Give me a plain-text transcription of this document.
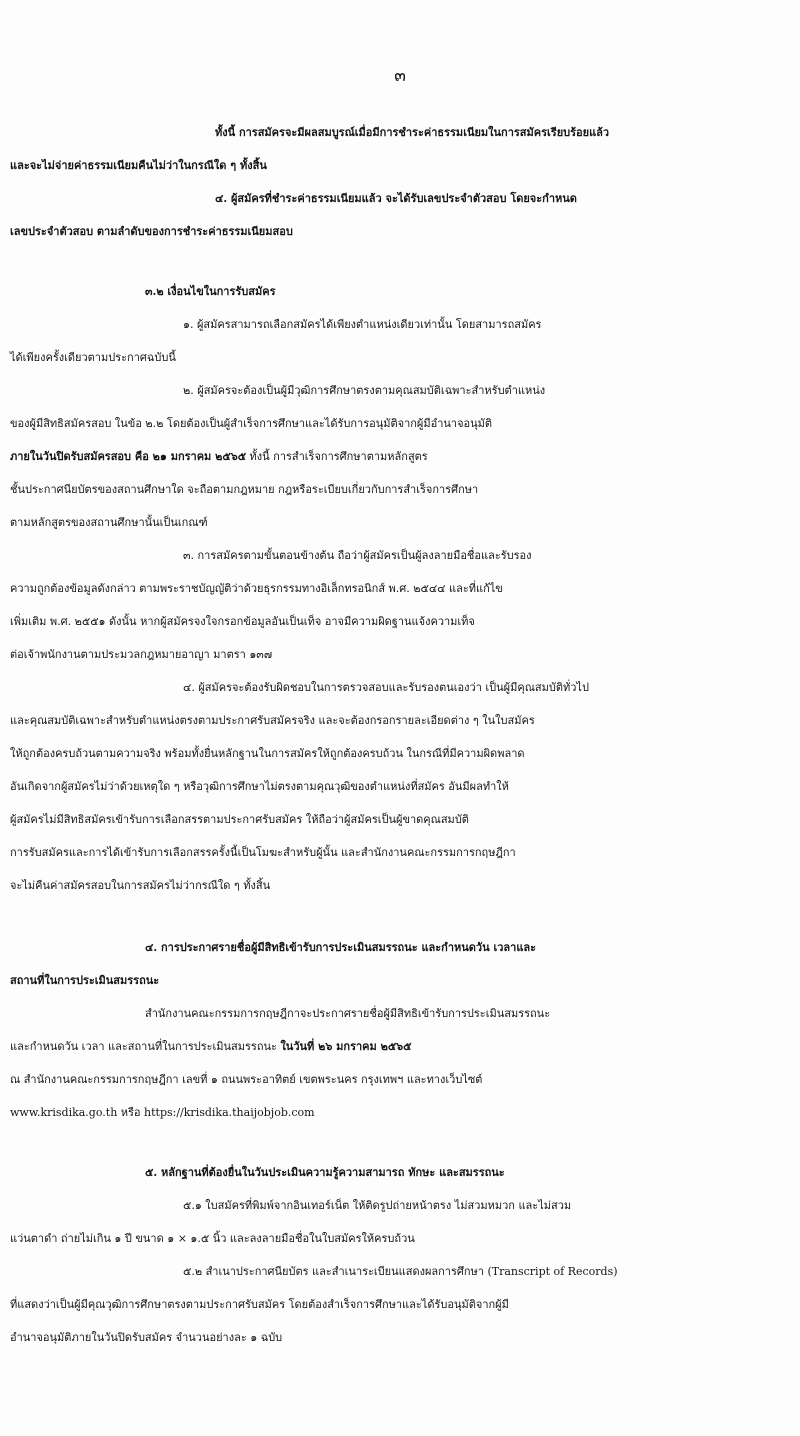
๓
ทั้งนี้ การสมัครจะมีผลสมบูรณ์เมื่อมีการชำระค่าธรรมเนียมในการสมัครเรียบร้อยแล้ว
และจะไม่จ่ายค่าธรรมเนียมคืนไม่ว่าในกรณีใด ๆ ทั้งสิ้น
๔. ผู้สมัครที่ชำระค่าธรรมเนียมแล้ว จะได้รับเลขประจำตัวสอบ โดยจะกำหนด
เลขประจำตัวสอบ ตามลำดับของการชำระค่าธรรมเนียมสอบ
๓.๒ เงื่อนไขในการรับสมัคร
๑. ผู้สมัครสามารถเลือกสมัครได้เพียงตำแหน่งเดียวเท่านั้น โดยสามารถสมัคร
ได้เพียงครั้งเดียวตามประกาศฉบับนี้
๒. ผู้สมัครจะต้องเป็นผู้มีวุฒิการศึกษาตรงตามคุณสมบัติเฉพาะสำหรับตำแหน่ง
ของผู้มีสิทธิสมัครสอบ ในข้อ ๒.๒ โดยต้องเป็นผู้สำเร็จการศึกษาและได้รับการอนุมัติจากผู้มีอำนาจอนุมัติ
ภายในวันปิดรับสมัครสอบ คือ ๒๑ มกราคม ๒๕๖๕ ทั้งนี้ การสำเร็จการศึกษาตามหลักสูตร
ชั้นประกาศนียบัตรของสถานศึกษาใด จะถือตามกฎหมาย กฎหรือระเบียบเกี่ยวกับการสำเร็จการศึกษา
ตามหลักสูตรของสถานศึกษานั้นเป็นเกณฑ์
๓. การสมัครตามขั้นตอนข้างต้น ถือว่าผู้สมัครเป็นผู้ลงลายมือชื่อและรับรอง
ความถูกต้องข้อมูลดังกล่าว ตามพระราชบัญญัติว่าด้วยธุรกรรมทางอิเล็กทรอนิกส์ พ.ศ. ๒๕๔๔ และที่แก้ไข
เพิ่มเติม พ.ศ. ๒๕๕๑ ดังนั้น หากผู้สมัครจงใจกรอกข้อมูลอันเป็นเท็จ อาจมีความผิดฐานแจ้งความเท็จ
ต่อเจ้าพนักงานตามประมวลกฎหมายอาญา มาตรา ๑๓๗
๔. ผู้สมัครจะต้องรับผิดชอบในการตรวจสอบและรับรองตนเองว่า เป็นผู้มีคุณสมบัติทั่วไป
และคุณสมบัติเฉพาะสำหรับตำแหน่งตรงตามประกาศรับสมัครจริง และจะต้องกรอกรายละเอียดต่าง ๆ ในใบสมัคร
ให้ถูกต้องครบถ้วนตามความจริง พร้อมทั้งยื่นหลักฐานในการสมัครให้ถูกต้องครบถ้วน ในกรณีที่มีความผิดพลาด
อันเกิดจากผู้สมัครไม่ว่าด้วยเหตุใด ๆ หรือวุฒิการศึกษาไม่ตรงตามคุณวุฒิของตำแหน่งที่สมัคร อันมีผลทำให้
ผู้สมัครไม่มีสิทธิสมัครเข้ารับการเลือกสรรตามประกาศรับสมัคร ให้ถือว่าผู้สมัครเป็นผู้ขาดคุณสมบัติ
การรับสมัครและการได้เข้ารับการเลือกสรรครั้งนี้เป็นโมฆะสำหรับผู้นั้น และสำนักงานคณะกรรมการกฤษฎีกา
จะไม่คืนค่าสมัครสอบในการสมัครไม่ว่ากรณีใด ๆ ทั้งสิ้น
๔. การประกาศรายชื่อผู้มีสิทธิเข้ารับการประเมินสมรรถนะ และกำหนดวัน เวลาและ
สถานที่ในการประเมินสมรรถนะ
สำนักงานคณะกรรมการกฤษฎีกาจะประกาศรายชื่อผู้มีสิทธิเข้ารับการประเมินสมรรถนะ
และกำหนดวัน เวลา และสถานที่ในการประเมินสมรรถนะ ในวันที่ ๒๖ มกราคม ๒๕๖๕
ณ สำนักงานคณะกรรมการกฤษฎีกา เลขที่ ๑ ถนนพระอาทิตย์ เขตพระนคร กรุงเทพฯ และทางเว็บไซต์
www.krisdika.go.th หรือ https://krisdika.thaijobjob.com
๕. หลักฐานที่ต้องยื่นในวันประเมินความรู้ความสามารถ ทักษะ และสมรรถนะ
๕.๑ ใบสมัครที่พิมพ์จากอินเทอร์เน็ต ให้ติดรูปถ่ายหน้าตรง ไม่สวมหมวก และไม่สวม
แว่นตาดำ ถ่ายไม่เกิน ๑ ปี ขนาด ๑ × ๑.๕ นิ้ว และลงลายมือชื่อในใบสมัครให้ครบถ้วน
๕.๒ สำเนาประกาศนียบัตร และสำเนาระเบียนแสดงผลการศึกษา (Transcript of Records)
ที่แสดงว่าเป็นผู้มีคุณวุฒิการศึกษาตรงตามประกาศรับสมัคร โดยต้องสำเร็จการศึกษาและได้รับอนุมัติจากผู้มี
อำนาจอนุมัติภายในวันปิดรับสมัคร จำนวนอย่างละ ๑ ฉบับ
